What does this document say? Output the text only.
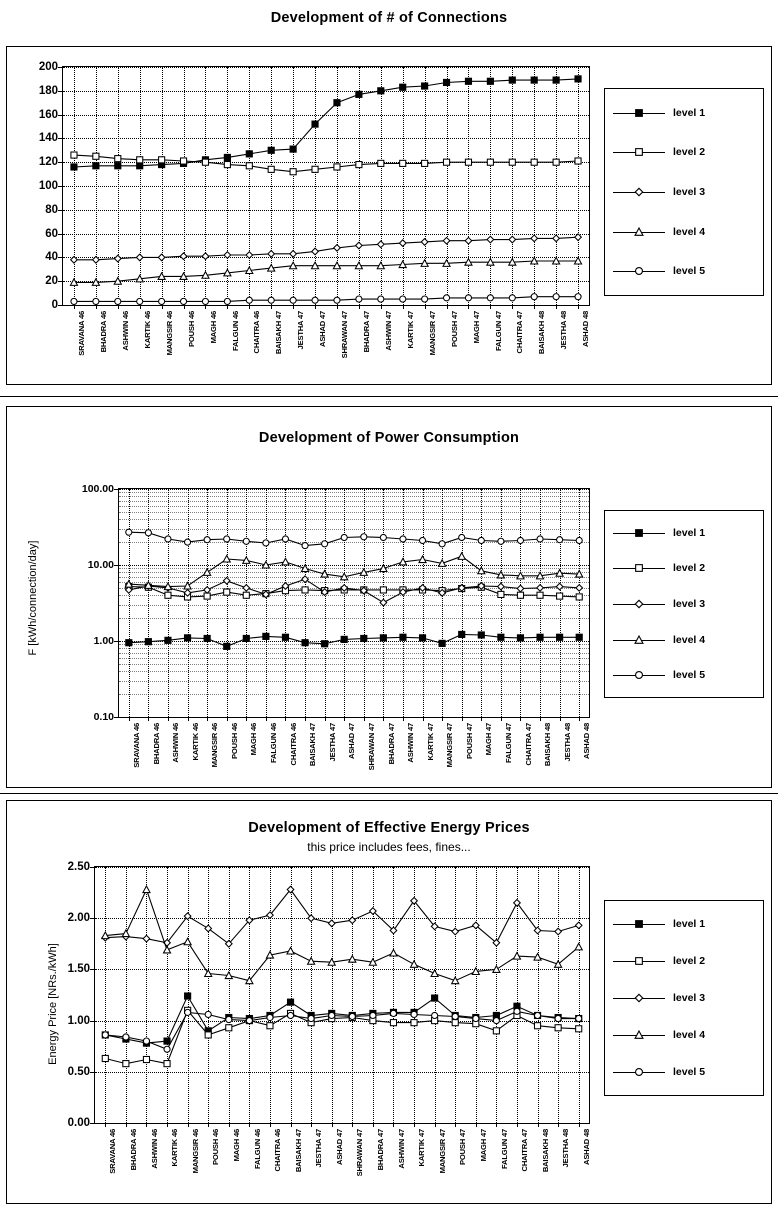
Development of # of Connections
0
20
40
60
80
100
120
140
160
180
200
SRAVANA 46 BHADRA 46 ASHWIN 46 KARTIK 46 MANGSIR 46 POUSH 46 MAGH 46 FALGUN 46 CHAITRA 46 BAISAKH 47 JESTHA 47 ASHAD 47 SHRAWAN 47 BHADRA 47 ASHWIN 47 KARTIK 47 MANGSIR 47 POUSH 47 MAGH 47 FALGUN 47 CHAITRA 47 BAISAKH 48 JESTHA 48 ASHAD 48
level 1
level 2
level 3
level 4
level 5
Development of Power Consumption
0.10
1.00
10.00
100.00
SRAVANA 46 BHADRA 46 ASHWIN 46 KARTIK 46 MANGSIR 46 POUSH 46 MAGH 46 FALGUN 46 CHAITRA 46 BAISAKH 47 JESTHA 47 ASHAD 47 SHRAWAN 47 BHADRA 47 ASHWIN 47 KARTIK 47 MANGSIR 47 POUSH 47 MAGH 47 FALGUN 47 CHAITRA 47 BAISAKH 48 JESTHA 48 ASHAD 48
F [kWh/connection/day]
level 1
level 2
level 3
level 4
level 5
Development of Effective Energy Prices
this price includes fees, fines...
0.00
0.50
1.00
1.50
2.00
2.50
SRAVANA 46 BHADRA 46 ASHWIN 46 KARTIK 46 MANGSIR 46 POUSH 46 MAGH 46 FALGUN 46 CHAITRA 46 BAISAKH 47 JESTHA 47 ASHAD 47 SHRAWAN 47 BHADRA 47 ASHWIN 47 KARTIK 47 MANGSIR 47 POUSH 47 MAGH 47 FALGUN 47 CHAITRA 47 BAISAKH 48 JESTHA 48 ASHAD 48
Energy Price [NRs./kWh]
level 1
level 2
level 3
level 4
level 5
